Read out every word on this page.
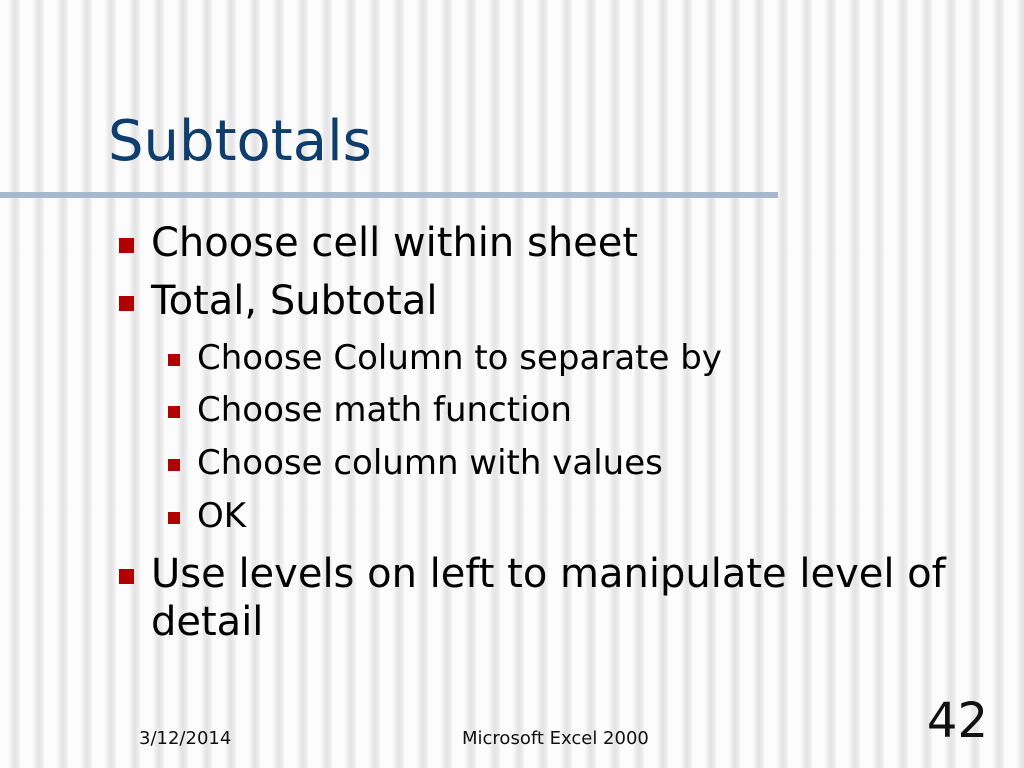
Subtotals
Choose cell within sheet
Total, Subtotal
Choose Column to separate by
Choose math function
Choose column with values
OK
Use levels on left to manipulate level of detail
3/12/2014	Microsoft Excel 2000	42
